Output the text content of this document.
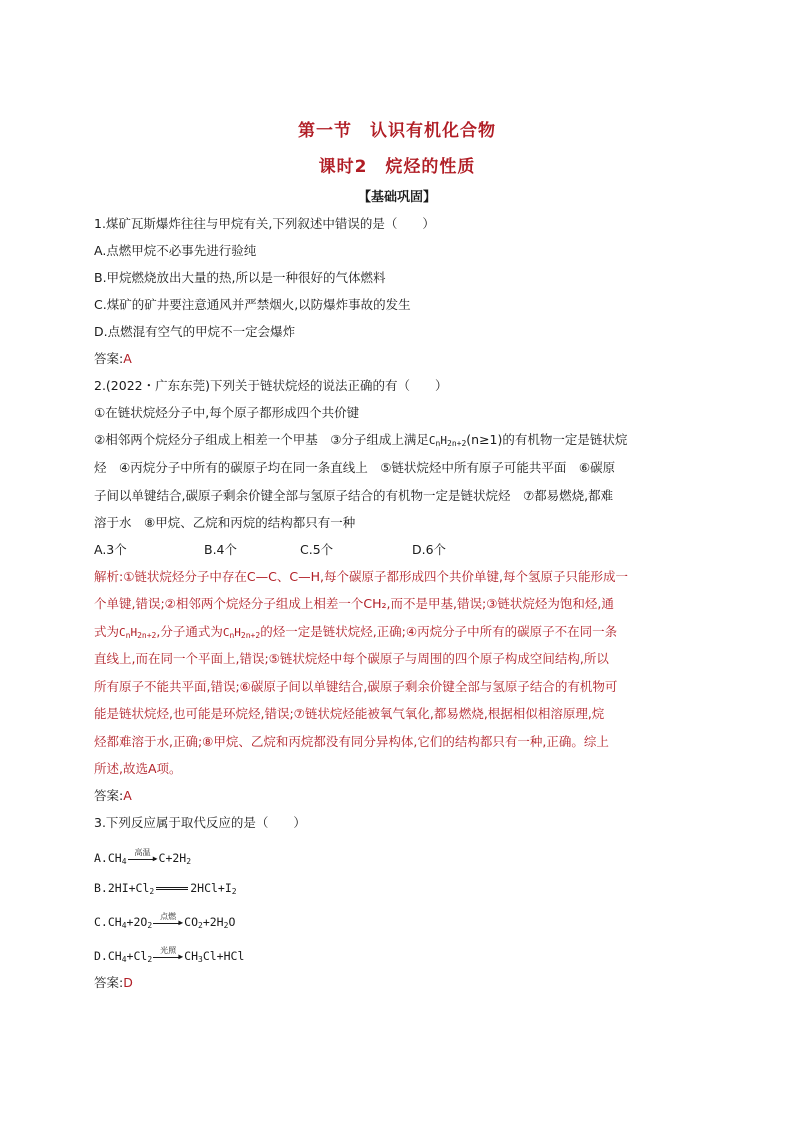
第一节　认识有机化合物
课时2　烷烃的性质
【基础巩固】
1.煤矿瓦斯爆炸往往与甲烷有关,下列叙述中错误的是（　　）
A.点燃甲烷不必事先进行验纯
B.甲烷燃烧放出大量的热,所以是一种很好的气体燃料
C.煤矿的矿井要注意通风并严禁烟火,以防爆炸事故的发生
D.点燃混有空气的甲烷不一定会爆炸
答案:A
2.(2022・广东东莞)下列关于链状烷烃的说法正确的有（　　）
①在链状烷烃分子中,每个原子都形成四个共价键
②相邻两个烷烃分子组成上相差一个甲基　③分子组成上满足$C_nH_{2n+2}(n\ge 1)$的有机物一定是链状烷
烃　④丙烷分子中所有的碳原子均在同一条直线上　⑤链状烷烃中所有原子可能共平面　⑥碳原
子间以单键结合,碳原子剩余价键全部与氢原子结合的有机物一定是链状烷烃　⑦都易燃烧,都难
溶于水　⑧甲烷、乙烷和丙烷的结构都只有一种
A.3个	B.4个	C.5个	D.6个
解析:①链状烷烃分子中存在C—C、C—H,每个碳原子都形成四个共价单键,每个氢原子只能形成一
个单键,错误;②相邻两个烷烃分子组成上相差一个CH₂,而不是甲基,错误;③链状烷烃为饱和烃,通
式为$C_nH_{2n+2}$,分子通式为$C_nH_{2n+2}$的烃一定是链状烷烃,正确;④丙烷分子中所有的碳原子不在同一条
直线上,而在同一个平面上,错误;⑤链状烷烃中每个碳原子与周围的四个原子构成空间结构,所以
所有原子不能共平面,错误;⑥碳原子间以单键结合,碳原子剩余价键全部与氢原子结合的有机物可
能是链状烷烃,也可能是环烷烃,错误;⑦链状烷烃能被氧气氧化,都易燃烧,根据相似相溶原理,烷
烃都难溶于水,正确;⑧甲烷、乙烷和丙烷都没有同分异构体,它们的结构都只有一种,正确。综上
所述,故选A项。
答案:A
3.下列反应属于取代反应的是（　　）
$A.CH_4$
高温
▶ $C+2H_2$
$B.2HI+Cl_2$	$2HCl+I_2$
$C.CH_4+2O_2$
点燃
▶ $CO_2+2H_2O$
$D.CH_4+Cl_2$
光照
▶ $CH_3Cl+HCl$
答案:D
